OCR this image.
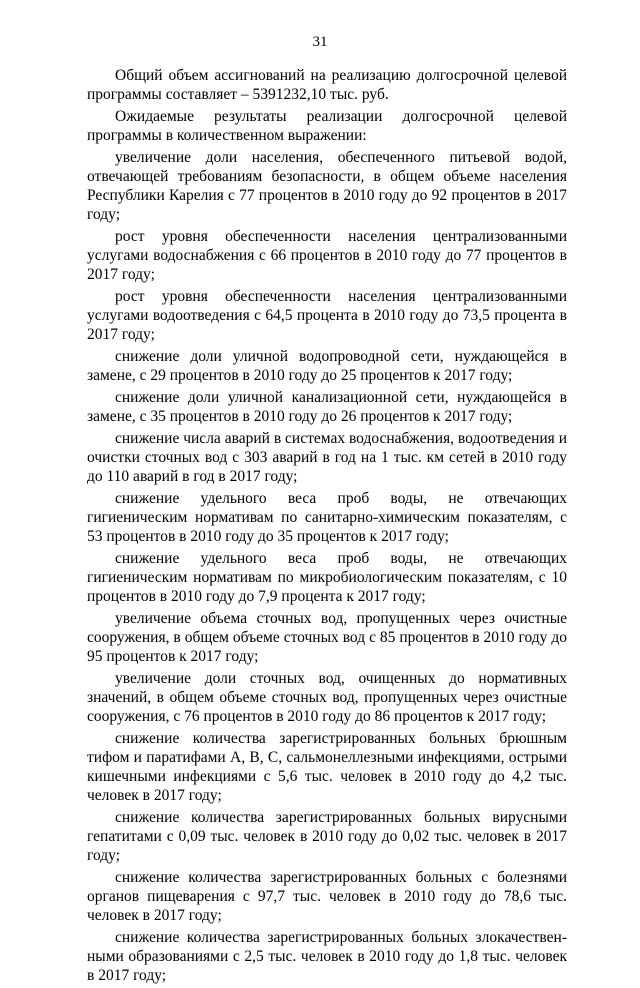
31

Общий объем ассигнований на реализацию долгосрочной целевой программы составляет – 5391232,10 тыс. руб.

Ожидаемые результаты реализации долгосрочной целевой программы в количественном выражении:

увеличение доли населения, обеспеченного питьевой водой, отвечающей требованиям безопасности, в общем объеме населения Республики Карелия с 77 процентов в 2010 году до 92 процентов в 2017 году;

рост уровня обеспеченности населения централизованными услугами водоснабжения с 66 процентов в 2010 году до 77 процентов в 2017 году;

рост уровня обеспеченности населения централизованными услугами водоотведения с 64,5 процента в 2010 году до 73,5 процента в 2017 году;

снижение доли уличной водопроводной сети, нуждающейся в замене, с 29 процентов в 2010 году до 25 процентов к 2017 году;

снижение доли уличной канализационной сети, нуждающейся в замене, с 35 процентов в 2010 году до 26 процентов к 2017 году;

снижение числа аварий в системах водоснабжения, водоотведения и очистки сточных вод с 303 аварий в год на 1 тыс. км сетей в 2010 году до 110 аварий в год в 2017 году;

снижение удельного веса проб воды, не отвечающих гигиеническим нормативам по санитарно-химическим показателям, с 53 процентов в 2010 году до 35 процентов к 2017 году;

снижение удельного веса проб воды, не отвечающих гигиеническим нормативам по микробиологическим показателям, с 10 процентов в 2010 году до 7,9 процента к 2017 году;

увеличение объема сточных вод, пропущенных через очистные сооружения, в общем объеме сточных вод с 85 процентов в 2010 году до 95 процентов к 2017 году;

увеличение доли сточных вод, очищенных до нормативных значений, в общем объеме сточных вод, пропущенных через очистные сооружения, с 76 процентов в 2010 году до 86 процентов к 2017 году;

снижение количества зарегистрированных больных брюшным тифом и паратифами А, В, С, сальмонеллезными инфекциями, острыми кишечными инфекциями с 5,6 тыс. человек в 2010 году до 4,2 тыс. человек в 2017 году;

снижение количества зарегистрированных больных вирусными гепатитами с 0,09 тыс. человек в 2010 году до 0,02 тыс. человек в 2017 году;

снижение количества зарегистрированных больных с болезнями органов пищеварения с 97,7 тыс. человек в 2010 году до 78,6 тыс. человек в 2017 году;

снижение количества зарегистрированных больных злокачествен-ными образованиями с 2,5 тыс. человек в 2010 году до 1,8 тыс. человек в 2017 году;
